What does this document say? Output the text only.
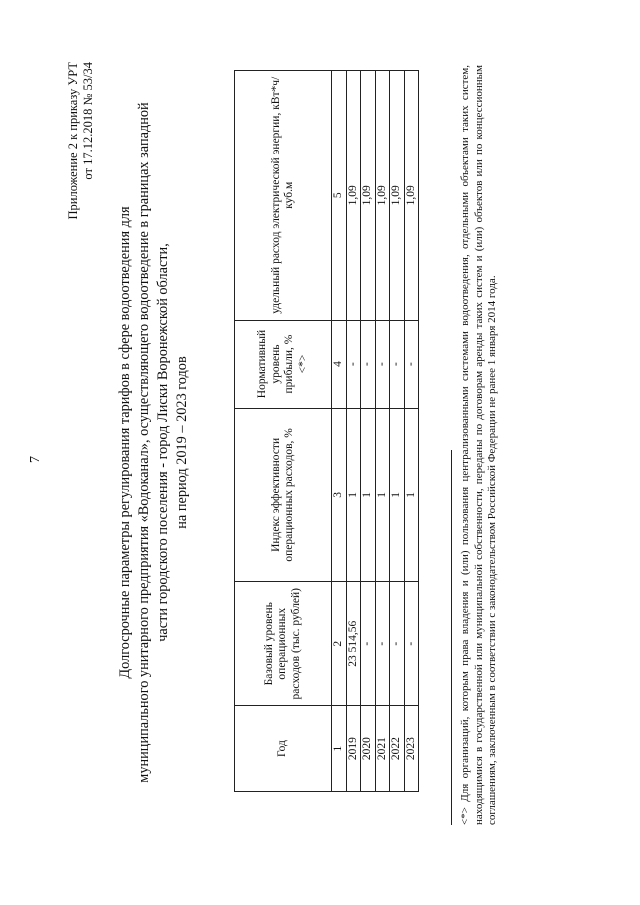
7
Приложение 2 к приказу УРТ от 17.12.2018 № 53/34
Долгосрочные параметры регулирования тарифов в сфере водоотведения для муниципального унитарного предприятия «Водоканал», осуществляющего водоотведение в границах западной части городского поселения - город Лиски Воронежской области, на период 2019 – 2023 годов
Год	Базовый уровень операционных расходов (тыс. рублей)	Индекс эффективности операционных расходов, %	Нормативный уровень прибыли, % <*>	удельный расход электрической энергии, кВт*ч/куб.м
1	2	3	4	5
2019	23 514,56	1	-	1,09
2020	-	1	-	1,09
2021	-	1	-	1,09
2022	-	1	-	1,09
2023	-	1	-	1,09	<*> Для организаций, которым права владения и (или) пользования централизованными системами водоотведения, отдельными объектами таких систем, находящимися в государственной или муниципальной собственности, переданы по договорам аренды таких систем и (или) объектов или по концессионным соглашениям, заключенным в соответствии с законодательством Российской Федерации не ранее 1 января 2014 года.
